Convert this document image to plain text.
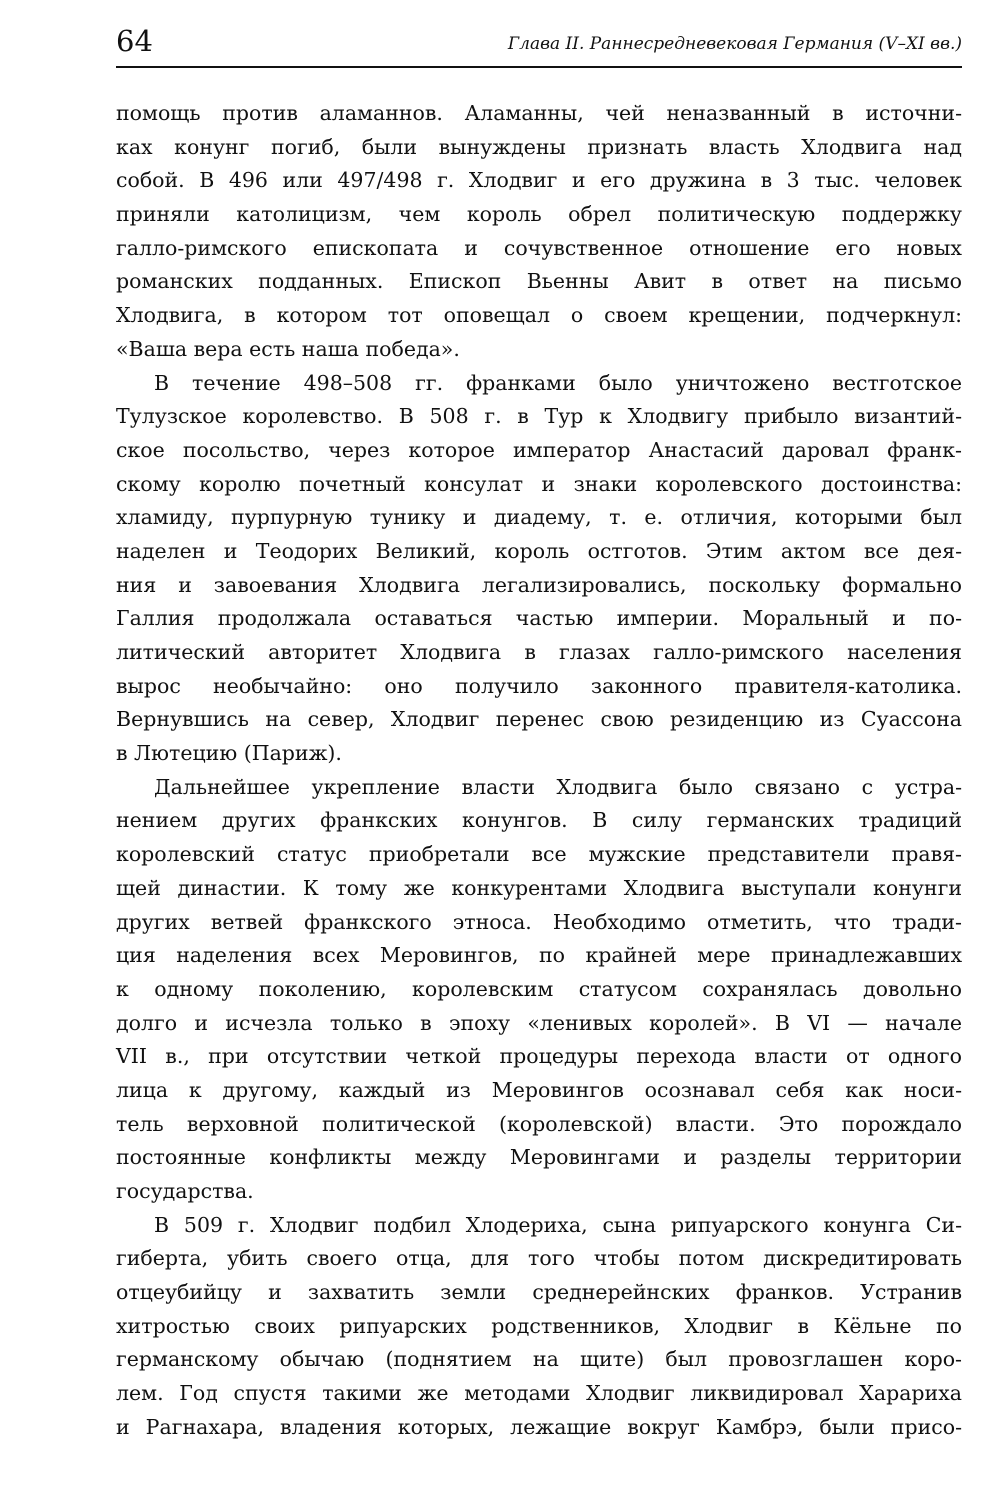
64	Глава II. Раннесредневековая Германия (V–XI вв.)
помощь против аламаннов. Аламанны, чей неназванный в источни-
ках конунг погиб, были вынуждены признать власть Хлодвига над
собой. В 496 или 497/498 г. Хлодвиг и его дружина в 3 тыс. человек
приняли католицизм, чем король обрел политическую поддержку
галло-римского епископата и сочувственное отношение его новых
романских подданных. Епископ Вьенны Авит в ответ на письмо
Хлодвига, в котором тот оповещал о своем крещении, подчеркнул:
«Ваша вера есть наша победа».
В течение 498–508 гг. франками было уничтожено вестготское
Тулузское королевство. В 508 г. в Тур к Хлодвигу прибыло византий-
ское посольство, через которое император Анастасий даровал франк-
скому королю почетный консулат и знаки королевского достоинства:
хламиду, пурпурную тунику и диадему, т. е. отличия, которыми был
наделен и Теодорих Великий, король остготов. Этим актом все дея-
ния и завоевания Хлодвига легализировались, поскольку формально
Галлия продолжала оставаться частью империи. Моральный и по-
литический авторитет Хлодвига в глазах галло-римского населения
вырос необычайно: оно получило законного правителя-католика.
Вернувшись на север, Хлодвиг перенес свою резиденцию из Суассона
в Лютецию (Париж).
Дальнейшее укрепление власти Хлодвига было связано с устра-
нением других франкских конунгов. В силу германских традиций
королевский статус приобретали все мужские представители правя-
щей династии. К тому же конкурентами Хлодвига выступали конунги
других ветвей франкского этноса. Необходимо отметить, что тради-
ция наделения всех Меровингов, по крайней мере принадлежавших
к одному поколению, королевским статусом сохранялась довольно
долго и исчезла только в эпоху «ленивых королей». В VI — начале
VII в., при отсутствии четкой процедуры перехода власти от одного
лица к другому, каждый из Меровингов осознавал себя как носи-
тель верховной политической (королевской) власти. Это порождало
постоянные конфликты между Меровингами и разделы территории
государства.
В 509 г. Хлодвиг подбил Хлодериха, сына рипуарского конунга Си-
гиберта, убить своего отца, для того чтобы потом дискредитировать
отцеубийцу и захватить земли среднерейнских франков. Устранив
хитростью своих рипуарских родственников, Хлодвиг в Кёльне по
германскому обычаю (поднятием на щите) был провозглашен коро-
лем. Год спустя такими же методами Хлодвиг ликвидировал Харариха
и Рагнахара, владения которых, лежащие вокруг Камбрэ, были присо-
